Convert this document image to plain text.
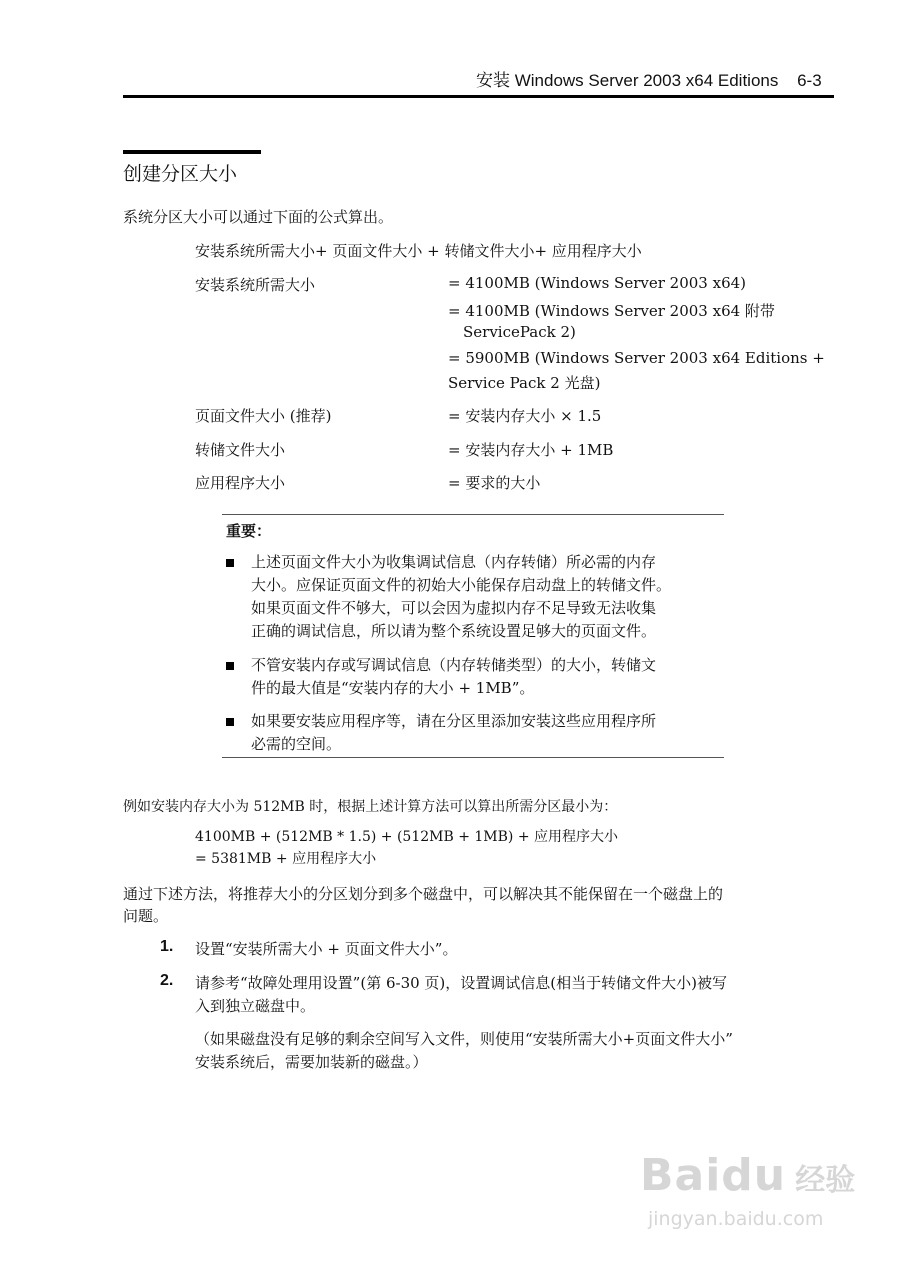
安装 Windows Server 2003 x64 Editions 6-3
创建分区大小
系统分区大小可以通过下面的公式算出。
安装系统所需大小+ 页面文件大小 + 转储文件大小+ 应用程序大小
安装系统所需大小	= 4100MB (Windows Server 2003 x64)
= 4100MB (Windows Server 2003 x64 附带
ServicePack 2)
= 5900MB (Windows Server 2003 x64 Editions +
Service Pack 2 光盘)
页面文件大小 (推荐)	= 安装内存大小 × 1.5
转储文件大小	= 安装内存大小 + 1MB
应用程序大小	= 要求的大小
重要：
上述页面文件大小为收集调试信息（内存转储）所必需的内存
大小。应保证页面文件的初始大小能保存启动盘上的转储文件。
如果页面文件不够大，可以会因为虚拟内存不足导致无法收集
正确的调试信息，所以请为整个系统设置足够大的页面文件。
不管安装内存或写调试信息（内存转储类型）的大小，转储文
件的最大值是“安装内存的大小 + 1MB”。
如果要安装应用程序等，请在分区里添加安装这些应用程序所
必需的空间。
例如安装内存大小为 512MB 时，根据上述计算方法可以算出所需分区最小为：
4100MB + (512MB * 1.5) + (512MB + 1MB) + 应用程序大小
= 5381MB + 应用程序大小
通过下述方法，将推荐大小的分区划分到多个磁盘中，可以解决其不能保留在一个磁盘上的
问题。
1. 设置“安装所需大小 + 页面文件大小”。
2. 请参考“故障处理用设置”(第 6-30 页)，设置调试信息(相当于转储文件大小)被写
入到独立磁盘中。
（如果磁盘没有足够的剩余空间写入文件，则使用“安装所需大小+页面文件大小”
安装系统后，需要加装新的磁盘。）
Baidu 经验
jingyan.baidu.com
